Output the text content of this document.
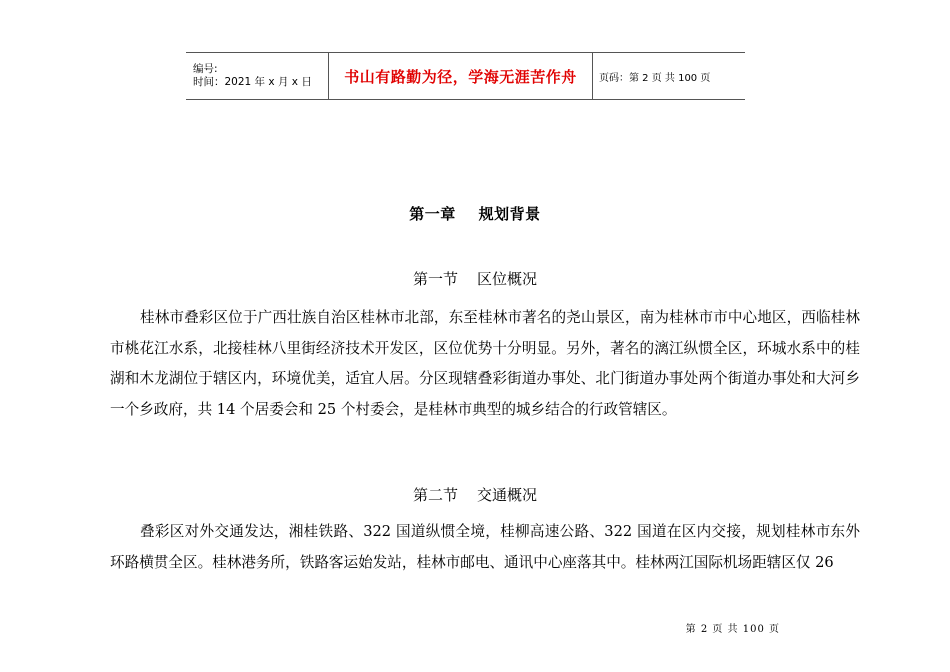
编号:
时间：2021 年 x 月 x 日	书山有路勤为径，学海无涯苦作舟 页码：第 2 页 共 100 页
第一章    规划背景
第一节    区位概况

桂林市叠彩区位于广西壮族自治区桂林市北部，东至桂林市著名的尧山景区，南为桂林市市中心地区，西临桂林市桃花江水系，北接桂林八里街经济技术开发区，区位优势十分明显。另外，著名的漓江纵惯全区，环城水系中的桂湖和木龙湖位于辖区内，环境优美，适宜人居。分区现辖叠彩街道办事处、北门街道办事处两个街道办事处和大河乡一个乡政府，共 14 个居委会和 25 个村委会，是桂林市典型的城乡结合的行政管辖区。

第二节    交通概况

叠彩区对外交通发达，湘桂铁路、322 国道纵惯全境，桂柳高速公路、322 国道在区内交接，规划桂林市东外环路横贯全区。桂林港务所，铁路客运始发站，桂林市邮电、通讯中心座落其中。桂林两江国际机场距辖区仅 26

第 2 页 共 100 页
